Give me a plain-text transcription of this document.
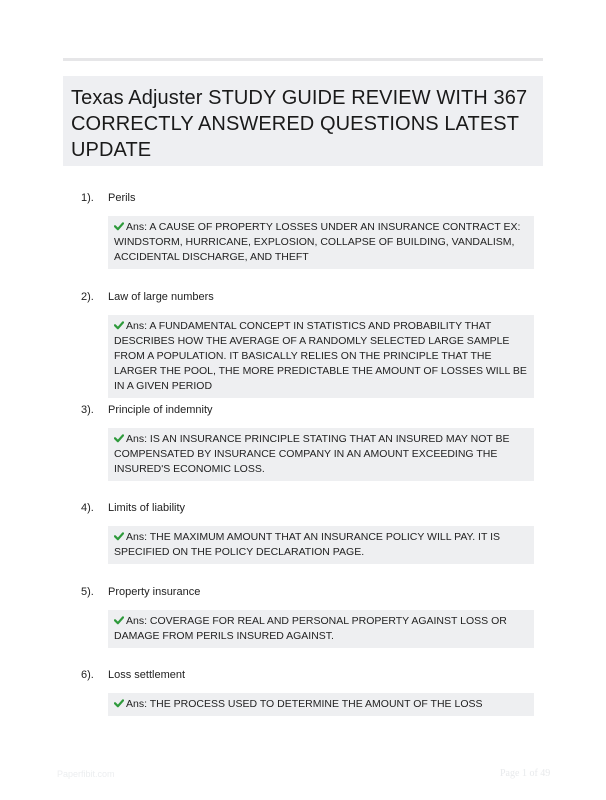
Texas Adjuster STUDY GUIDE REVIEW WITH 367 CORRECTLY ANSWERED QUESTIONS LATEST UPDATE
1). Perils
Ans: A CAUSE OF PROPERTY LOSSES UNDER AN INSURANCE CONTRACT EX: WINDSTORM, HURRICANE, EXPLOSION, COLLAPSE OF BUILDING, VANDALISM, ACCIDENTAL DISCHARGE, AND THEFT
2). Law of large numbers
Ans: A FUNDAMENTAL CONCEPT IN STATISTICS AND PROBABILITY THAT DESCRIBES HOW THE AVERAGE OF A RANDOMLY SELECTED LARGE SAMPLE FROM A POPULATION. IT BASICALLY RELIES ON THE PRINCIPLE THAT THE LARGER THE POOL, THE MORE PREDICTABLE THE AMOUNT OF LOSSES WILL BE IN A GIVEN PERIOD
3). Principle of indemnity
Ans: IS AN INSURANCE PRINCIPLE STATING THAT AN INSURED MAY NOT BE COMPENSATED BY INSURANCE COMPANY IN AN AMOUNT EXCEEDING THE INSURED'S ECONOMIC LOSS.
4). Limits of liability
Ans: THE MAXIMUM AMOUNT THAT AN INSURANCE POLICY WILL PAY. IT IS SPECIFIED ON THE POLICY DECLARATION PAGE.
5). Property insurance
Ans: COVERAGE FOR REAL AND PERSONAL PROPERTY AGAINST LOSS OR DAMAGE FROM PERILS INSURED AGAINST.
6). Loss settlement
Ans: THE PROCESS USED TO DETERMINE THE AMOUNT OF THE LOSS
Paperfibit.com	Page 1 of 49
